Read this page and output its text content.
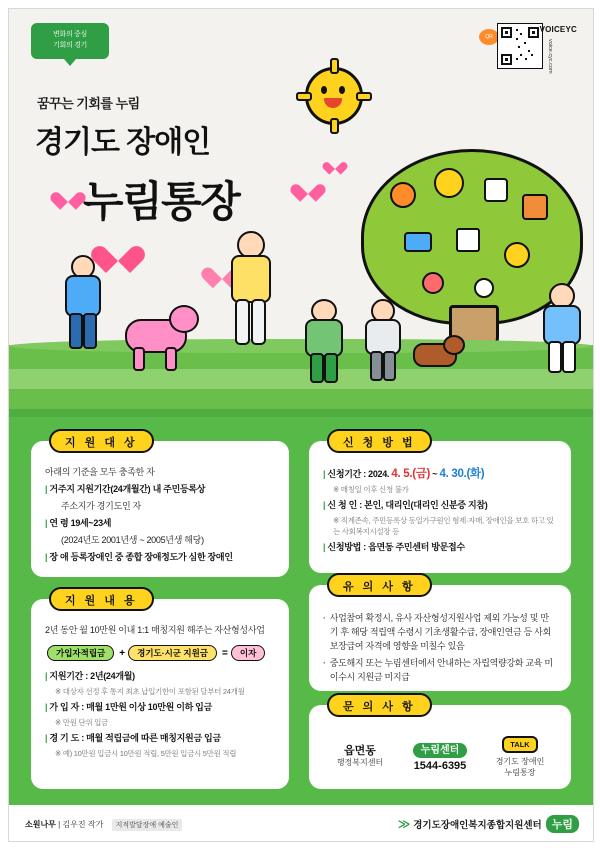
변화의 중심
기회의 경기
QR
VOICEYC
voice.cyc.com
꿈꾸는 기회를 누림
경기도 장애인
누림통장
지 원 대 상
아래의 기준을 모두 충족한 자
| 거주지 지원기간(24개월간) 내 주민등록상
주소지가 경기도인 자
| 연 령 19세~23세
(2024년도 2001년생 ~ 2005년생 해당)
| 장 애 등록장애인 중 종합 장애정도가 심한 장애인
지 원 내 용
2년 동안 월 10만원 이내 1:1 매칭지원 해주는 자산형성사업
가입자적립금	+	경기도·시군 지원금	=	이자
| 지원기간 : 2년(24개월)
※ 대상자 선정 후 통지 최초 납입기한이 포함된 달부터 24개월
| 가 입 자 : 매월 1만원 이상 10만원 이하 입금
※ 만원 단위 입금
| 경 기 도 : 매월 적립금에 따른 매칭지원금 입금
※ 예) 10만원 입금시 10만원 적립, 5만원 입금시 5만원 적립
신 청 방 법
| 신청기간 : 2024. 4. 5.(금) ~ 4. 30.(화)
※ 매칭일 이후 신청 불가
| 신 청 인 : 본인, 대리인(대리인 신분증 지참)
※ 직계존속, 주민등록상 동일가구원인 형제·자매, 장애인을 보호 하고 있는 사회복지시설장 등
| 신청방법 : 읍면동 주민센터 방문접수
유 의 사 항
· 사업참여 확정시, 유사 자산형성지원사업 제외 가능성 및 만기 후 해당 적립액 수령시 기초생활수급, 장애인연금 등 사회보장급여 자격에 영향을 미칠수 있음
· 중도해지 또는 누림센터에서 안내하는 자립역량강화 교육 미이수시 지원금 미지급
문 의 사 항
읍면동
행정복지센터
누림센터
1544-6395
TALK
경기도 장애인
누림통장
소원나무 | 김우진 작가 지적발달장애 예술인	≫ 경기도장애인복지종합지원센터 누림
